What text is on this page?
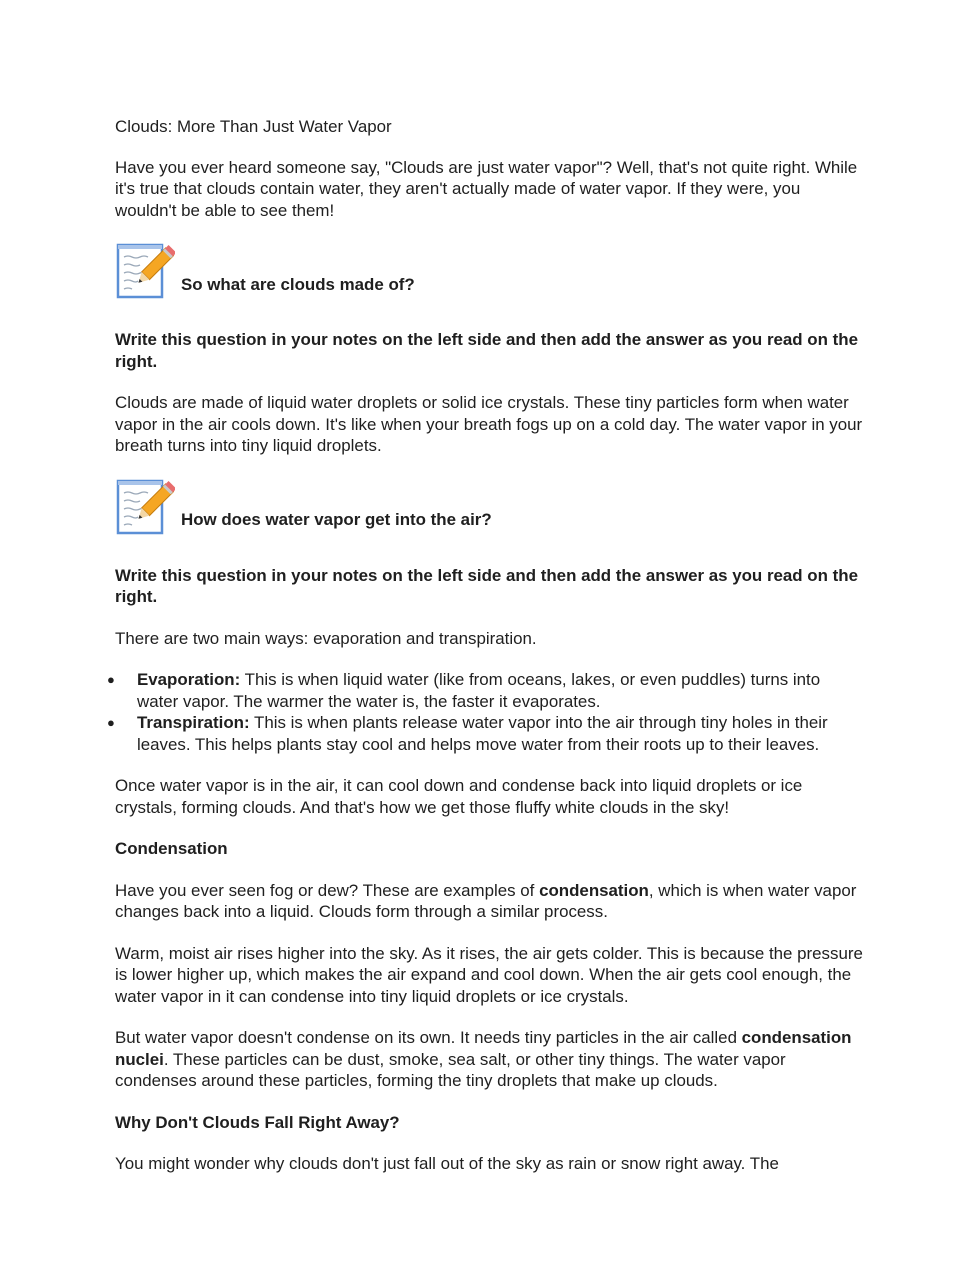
Clouds: More Than Just Water Vapor

Have you ever heard someone say, "Clouds are just water vapor"? Well, that's not quite right. While it's true that clouds contain water, they aren't actually made of water vapor. If they were, you wouldn't be able to see them!

So what are clouds made of?

Write this question in your notes on the left side and then add the answer as you read on the right.

Clouds are made of liquid water droplets or solid ice crystals. These tiny particles form when water vapor in the air cools down. It's like when your breath fogs up on a cold day. The water vapor in your breath turns into tiny liquid droplets.

How does water vapor get into the air?

Write this question in your notes on the left side and then add the answer as you read on the right.

There are two main ways: evaporation and transpiration.

● Evaporation: This is when liquid water (like from oceans, lakes, or even puddles) turns into water vapor. The warmer the water is, the faster it evaporates.
● Transpiration: This is when plants release water vapor into the air through tiny holes in their leaves. This helps plants stay cool and helps move water from their roots up to their leaves.

Once water vapor is in the air, it can cool down and condense back into liquid droplets or ice crystals, forming clouds. And that's how we get those fluffy white clouds in the sky!

Condensation

Have you ever seen fog or dew? These are examples of condensation, which is when water vapor changes back into a liquid. Clouds form through a similar process.

Warm, moist air rises higher into the sky. As it rises, the air gets colder. This is because the pressure is lower higher up, which makes the air expand and cool down. When the air gets cool enough, the water vapor in it can condense into tiny liquid droplets or ice crystals.

But water vapor doesn't condense on its own. It needs tiny particles in the air called condensation nuclei. These particles can be dust, smoke, sea salt, or other tiny things. The water vapor condenses around these particles, forming the tiny droplets that make up clouds.

Why Don't Clouds Fall Right Away?

You might wonder why clouds don't just fall out of the sky as rain or snow right away. The
